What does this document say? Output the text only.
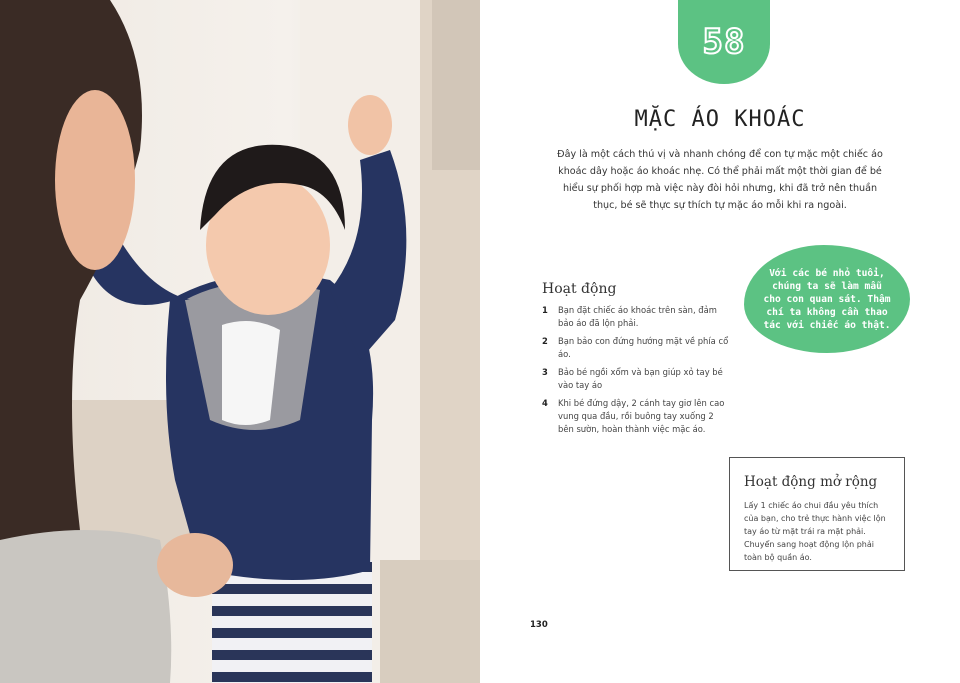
58
MẶC ÁO KHOÁC
Đây là một cách thú vị và nhanh chóng để con tự mặc một chiếc áo khoác dây hoặc áo khoác nhẹ. Có thể phải mất một thời gian để bé hiểu sự phối hợp mà việc này đòi hỏi nhưng, khi đã trở nên thuần thục, bé sẽ thực sự thích tự mặc áo mỗi khi ra ngoài.
Với các bé nhỏ tuổi, chúng ta sẽ làm mẫu cho con quan sát. Thậm chí ta không cần thao tác với chiếc áo thật.
Hoạt động
1	Bạn đặt chiếc áo khoác trên sàn, đảm bảo áo đã lộn phải.
2	Bạn bảo con đứng hướng mặt về phía cổ áo.
3	Bảo bé ngồi xổm và bạn giúp xỏ tay bé vào tay áo
4	Khi bé đứng dậy, 2 cánh tay giơ lên cao vung qua đầu, rồi buông tay xuống 2 bên sườn, hoàn thành việc mặc áo.
Hoạt động mở rộng
Lấy 1 chiếc áo chui đầu yêu thích của bạn, cho trẻ thực hành việc lộn tay áo từ mặt trái ra mặt phải. Chuyển sang hoạt động lộn phải toàn bộ quần áo.
130
